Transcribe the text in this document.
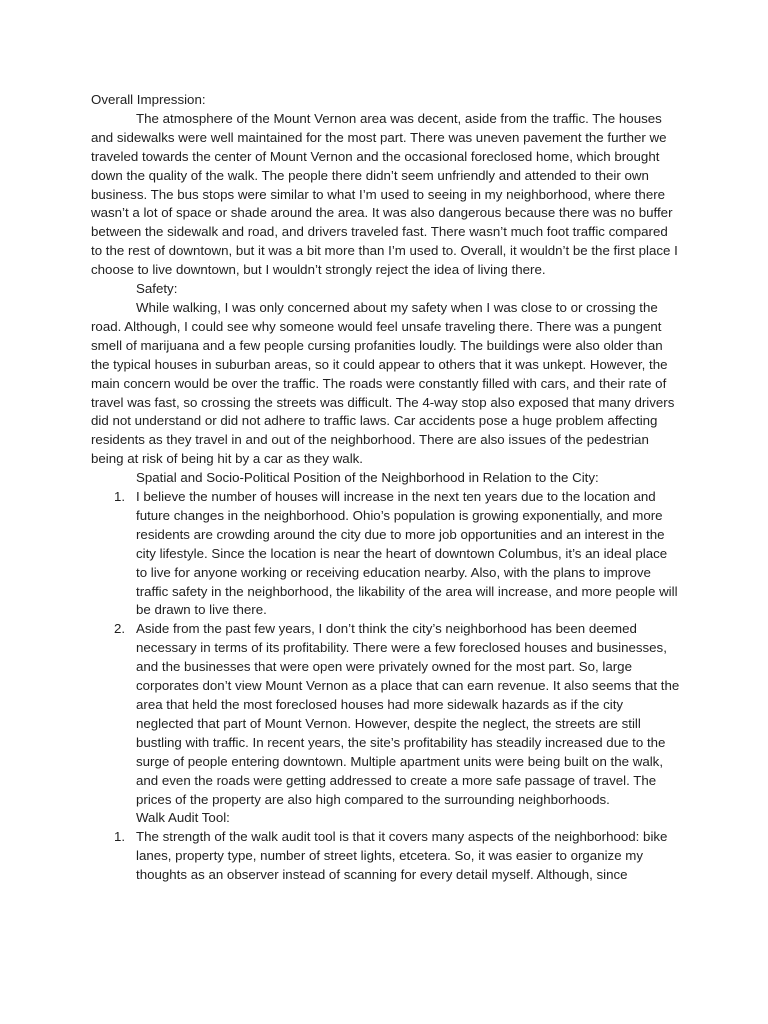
Overall Impression:

The atmosphere of the Mount Vernon area was decent, aside from the traffic. The houses and sidewalks were well maintained for the most part. There was uneven pavement the further we traveled towards the center of Mount Vernon and the occasional foreclosed home, which brought down the quality of the walk. The people there didn’t seem unfriendly and attended to their own business. The bus stops were similar to what I’m used to seeing in my neighborhood, where there wasn’t a lot of space or shade around the area. It was also dangerous because there was no buffer between the sidewalk and road, and drivers traveled fast. There wasn’t much foot traffic compared to the rest of downtown, but it was a bit more than I’m used to. Overall, it wouldn’t be the first place I choose to live downtown, but I wouldn’t strongly reject the idea of living there.

Safety:

While walking, I was only concerned about my safety when I was close to or crossing the road. Although, I could see why someone would feel unsafe traveling there. There was a pungent smell of marijuana and a few people cursing profanities loudly. The buildings were also older than the typical houses in suburban areas, so it could appear to others that it was unkept. However, the main concern would be over the traffic. The roads were constantly filled with cars, and their rate of travel was fast, so crossing the streets was difficult. The 4-way stop also exposed that many drivers did not understand or did not adhere to traffic laws. Car accidents pose a huge problem affecting residents as they travel in and out of the neighborhood. There are also issues of the pedestrian being at risk of being hit by a car as they walk.

Spatial and Socio-Political Position of the Neighborhood in Relation to the City:

1. I believe the number of houses will increase in the next ten years due to the location and future changes in the neighborhood. Ohio’s population is growing exponentially, and more residents are crowding around the city due to more job opportunities and an interest in the city lifestyle. Since the location is near the heart of downtown Columbus, it’s an ideal place to live for anyone working or receiving education nearby. Also, with the plans to improve traffic safety in the neighborhood, the likability of the area will increase, and more people will be drawn to live there.
2. Aside from the past few years, I don’t think the city’s neighborhood has been deemed necessary in terms of its profitability. There were a few foreclosed houses and businesses, and the businesses that were open were privately owned for the most part. So, large corporates don’t view Mount Vernon as a place that can earn revenue. It also seems that the area that held the most foreclosed houses had more sidewalk hazards as if the city neglected that part of Mount Vernon. However, despite the neglect, the streets are still bustling with traffic. In recent years, the site’s profitability has steadily increased due to the surge of people entering downtown. Multiple apartment units were being built on the walk, and even the roads were getting addressed to create a more safe passage of travel. The prices of the property are also high compared to the surrounding neighborhoods.

Walk Audit Tool:

1. The strength of the walk audit tool is that it covers many aspects of the neighborhood: bike lanes, property type, number of street lights, etcetera. So, it was easier to organize my thoughts as an observer instead of scanning for every detail myself. Although, since
